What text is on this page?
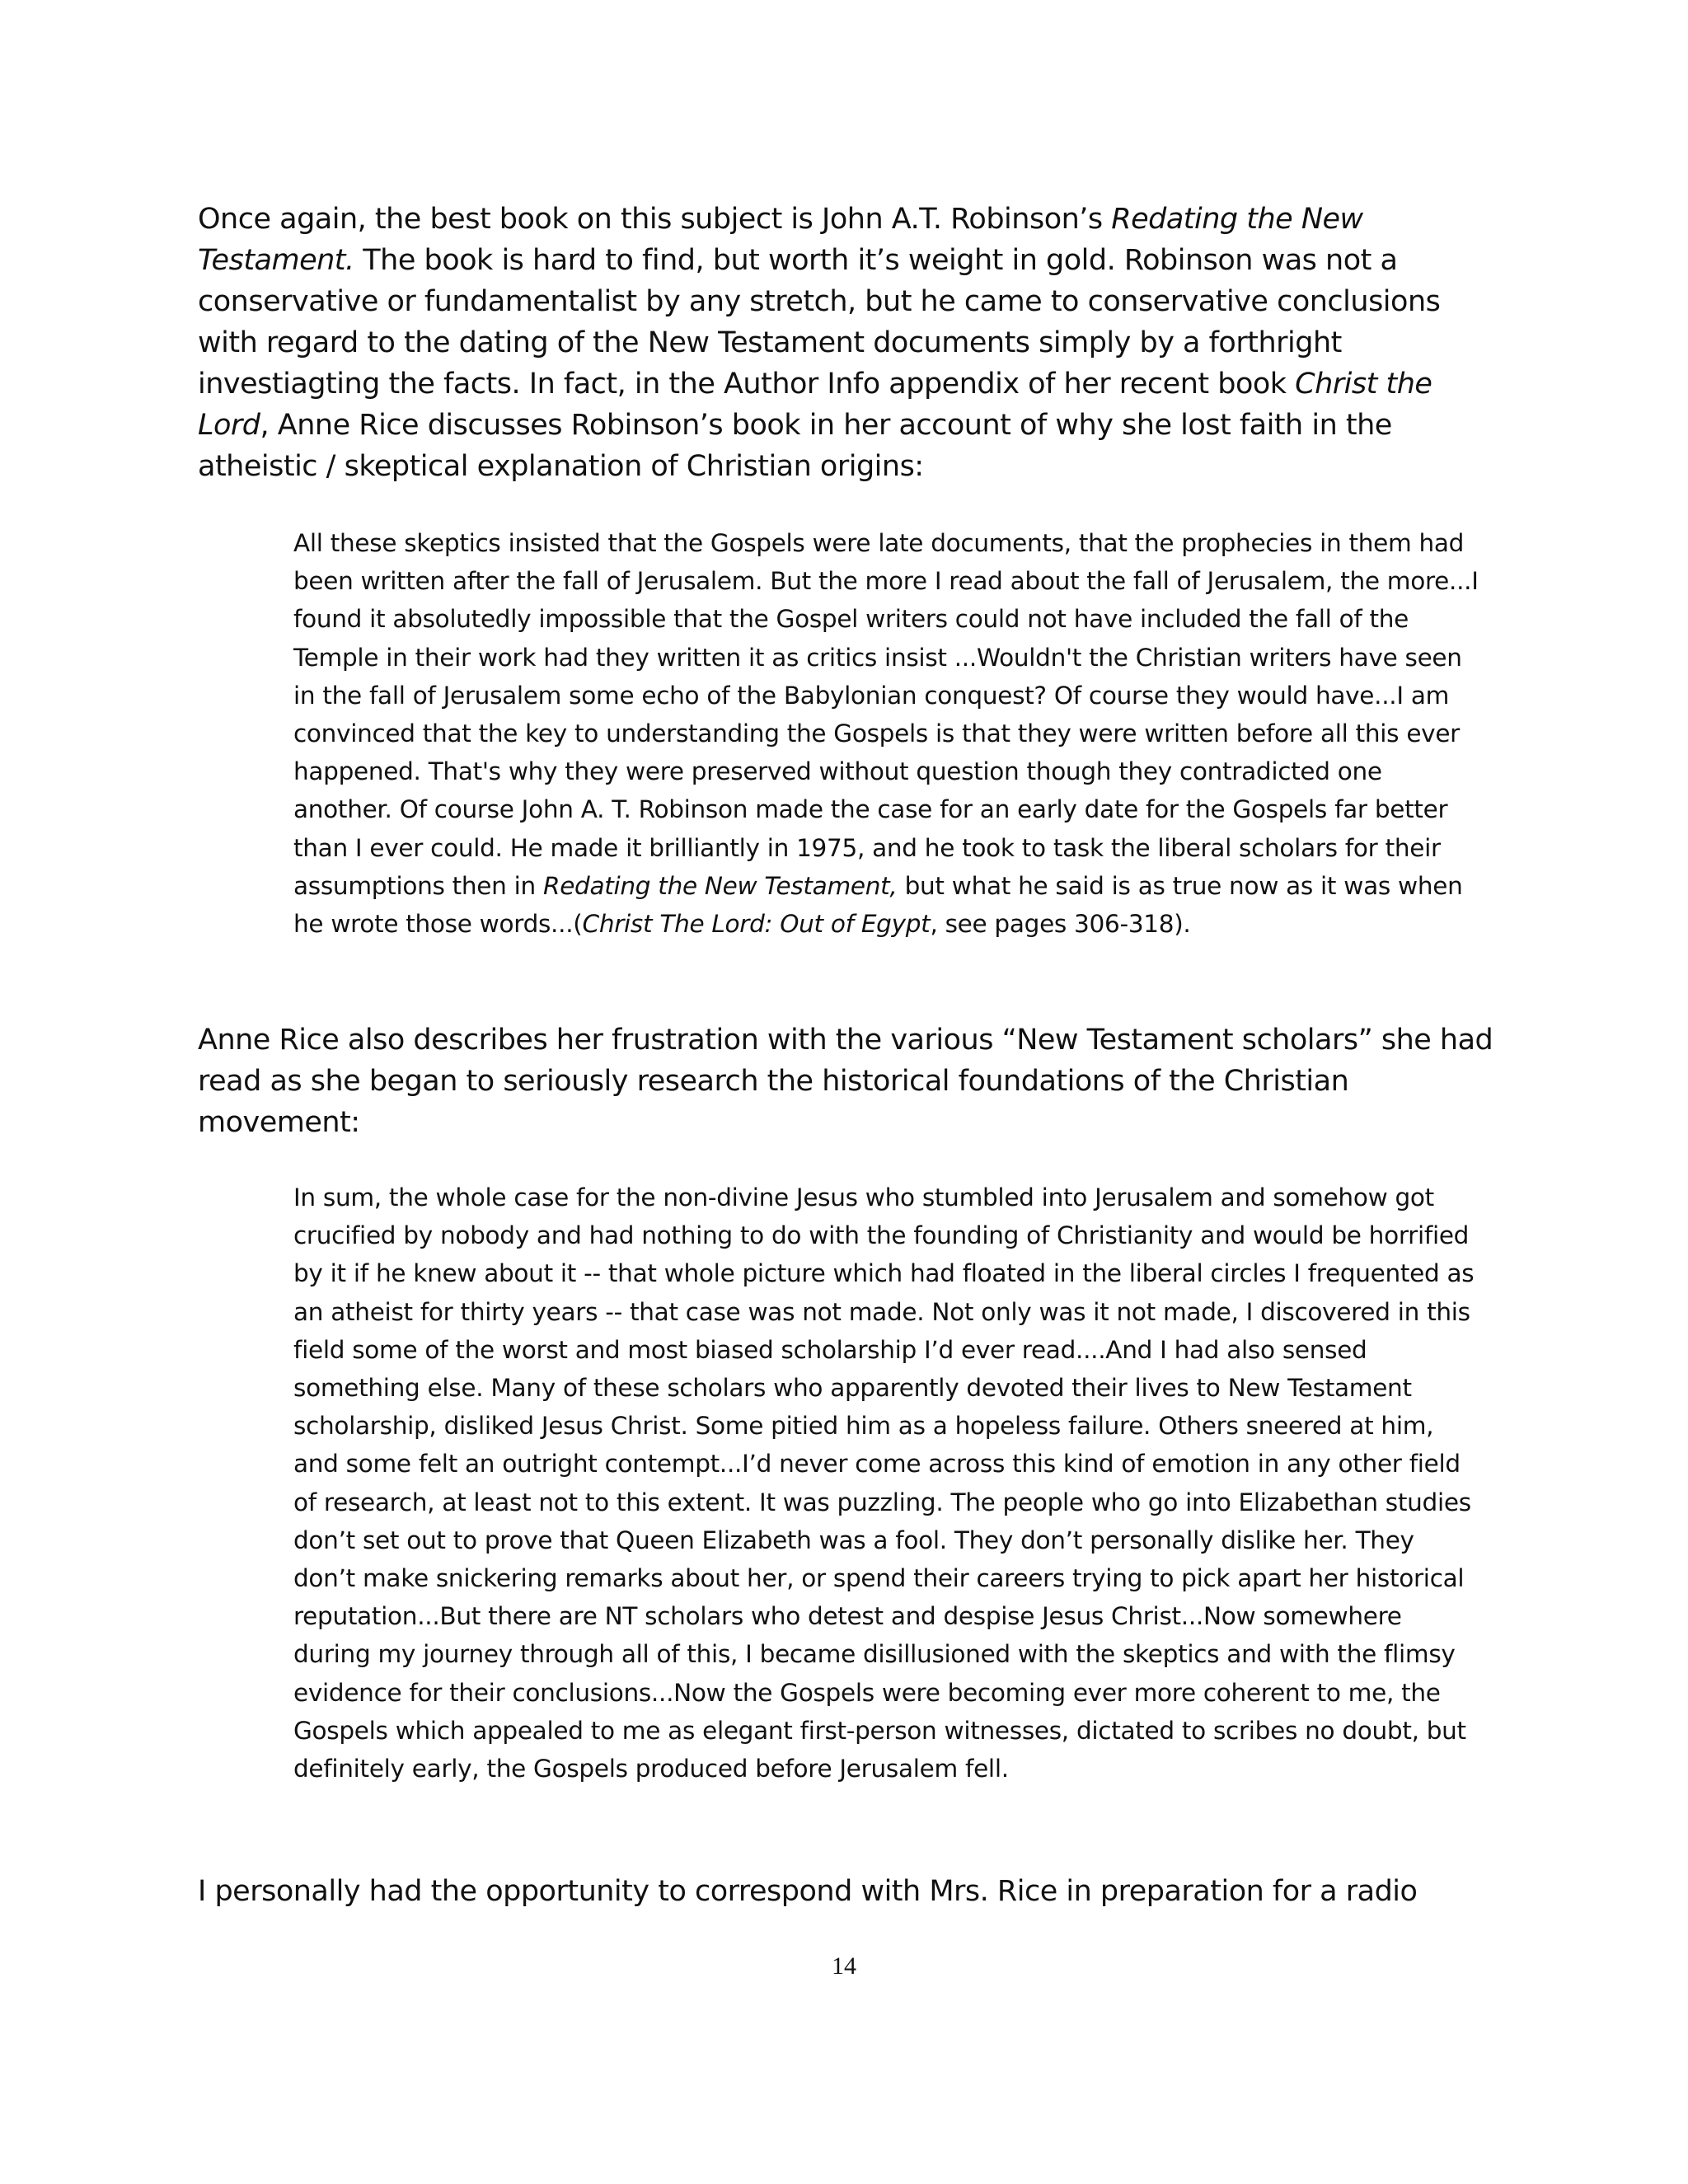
Once again, the best book on this subject is John A.T. Robinson’s Redating the New Testament. The book is hard to find, but worth it’s weight in gold. Robinson was not a conservative or fundamentalist by any stretch, but he came to conservative conclusions with regard to the dating of the New Testament documents simply by a forthright investiagting the facts. In fact, in the Author Info appendix of her recent book Christ the Lord, Anne Rice discusses Robinson’s book in her account of why she lost faith in the atheistic / skeptical explanation of Christian origins:

All these skeptics insisted that the Gospels were late documents, that the prophecies in them had been written after the fall of Jerusalem. But the more I read about the fall of Jerusalem, the more...I found it absolutedly impossible that the Gospel writers could not have included the fall of the Temple in their work had they written it as critics insist ...Wouldn't the Christian writers have seen in the fall of Jerusalem some echo of the Babylonian conquest? Of course they would have...I am convinced that the key to understanding the Gospels is that they were written before all this ever happened. That's why they were preserved without question though they contradicted one another. Of course John A. T. Robinson made the case for an early date for the Gospels far better than I ever could. He made it brilliantly in 1975, and he took to task the liberal scholars for their assumptions then in Redating the New Testament, but what he said is as true now as it was when he wrote those words...(Christ The Lord: Out of Egypt, see pages 306-318).

Anne Rice also describes her frustration with the various “New Testament scholars” she had read as she began to seriously research the historical foundations of the Christian movement:

In sum, the whole case for the non-divine Jesus who stumbled into Jerusalem and somehow got crucified by nobody and had nothing to do with the founding of Christianity and would be horrified by it if he knew about it -- that whole picture which had floated in the liberal circles I frequented as an atheist for thirty years -- that case was not made. Not only was it not made, I discovered in this field some of the worst and most biased scholarship I’d ever read....And I had also sensed something else. Many of these scholars who apparently devoted their lives to New Testament scholarship, disliked Jesus Christ. Some pitied him as a hopeless failure. Others sneered at him, and some felt an outright contempt...I’d never come across this kind of emotion in any other field of research, at least not to this extent. It was puzzling. The people who go into Elizabethan studies don’t set out to prove that Queen Elizabeth was a fool. They don’t personally dislike her. They don’t make snickering remarks about her, or spend their careers trying to pick apart her historical reputation...But there are NT scholars who detest and despise Jesus Christ...Now somewhere during my journey through all of this, I became disillusioned with the skeptics and with the flimsy evidence for their conclusions...Now the Gospels were becoming ever more coherent to me, the Gospels which appealed to me as elegant first-person witnesses, dictated to scribes no doubt, but definitely early, the Gospels produced before Jerusalem fell.

I personally had the opportunity to correspond with Mrs. Rice in preparation for a radio

14
